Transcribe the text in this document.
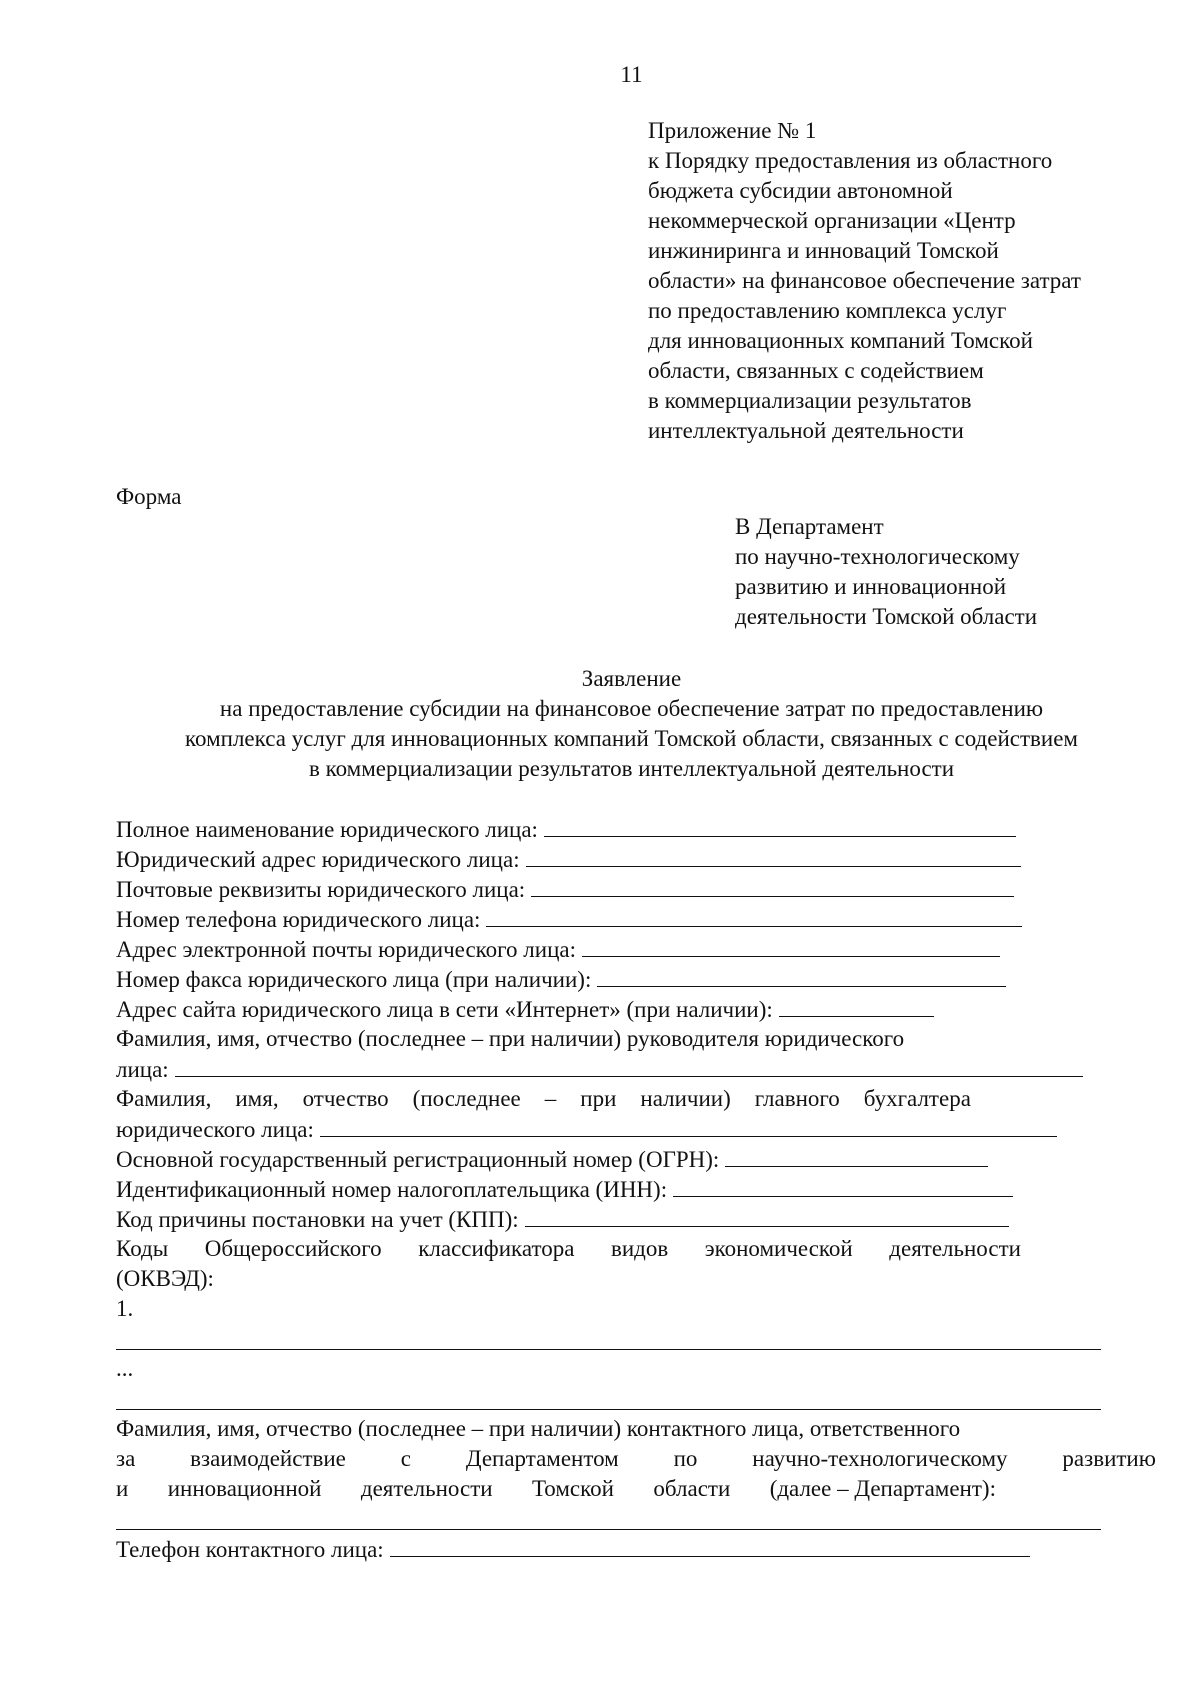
11
Приложение № 1
к Порядку предоставления из областного
бюджета субсидии автономной
некоммерческой организации «Центр
инжиниринга и инноваций Томской
области» на финансовое обеспечение затрат
по предоставлению комплекса услуг
для инновационных компаний Томской
области, связанных с содействием
в коммерциализации результатов
интеллектуальной деятельности
Форма
В Департамент
по научно-технологическому
развитию и инновационной
деятельности Томской области
Заявление
на предоставление субсидии на финансовое обеспечение затрат по предоставлению
комплекса услуг для инновационных компаний Томской области, связанных с содействием
в коммерциализации результатов интеллектуальной деятельности
Полное наименование юридического лица:
Юридический адрес юридического лица:
Почтовые реквизиты юридического лица:
Номер телефона юридического лица:
Адрес электронной почты юридического лица:
Номер факса юридического лица (при наличии):
Адрес сайта юридического лица в сети «Интернет» (при наличии):
Фамилия, имя, отчество (последнее – при наличии) руководителя юридического
лица:
Фамилия, имя, отчество (последнее – при наличии) главного бухгалтера
юридического лица:
Основной государственный регистрационный номер (ОГРН):
Идентификационный номер налогоплательщика (ИНН):
Код причины постановки на учет (КПП):
Коды Общероссийского классификатора видов экономической деятельности
(ОКВЭД):
1.
...
Фамилия, имя, отчество (последнее – при наличии) контактного лица, ответственного
за взаимодействие с Департаментом по научно-технологическому развитию
и инновационной деятельности Томской области (далее – Департамент):
Телефон контактного лица:
